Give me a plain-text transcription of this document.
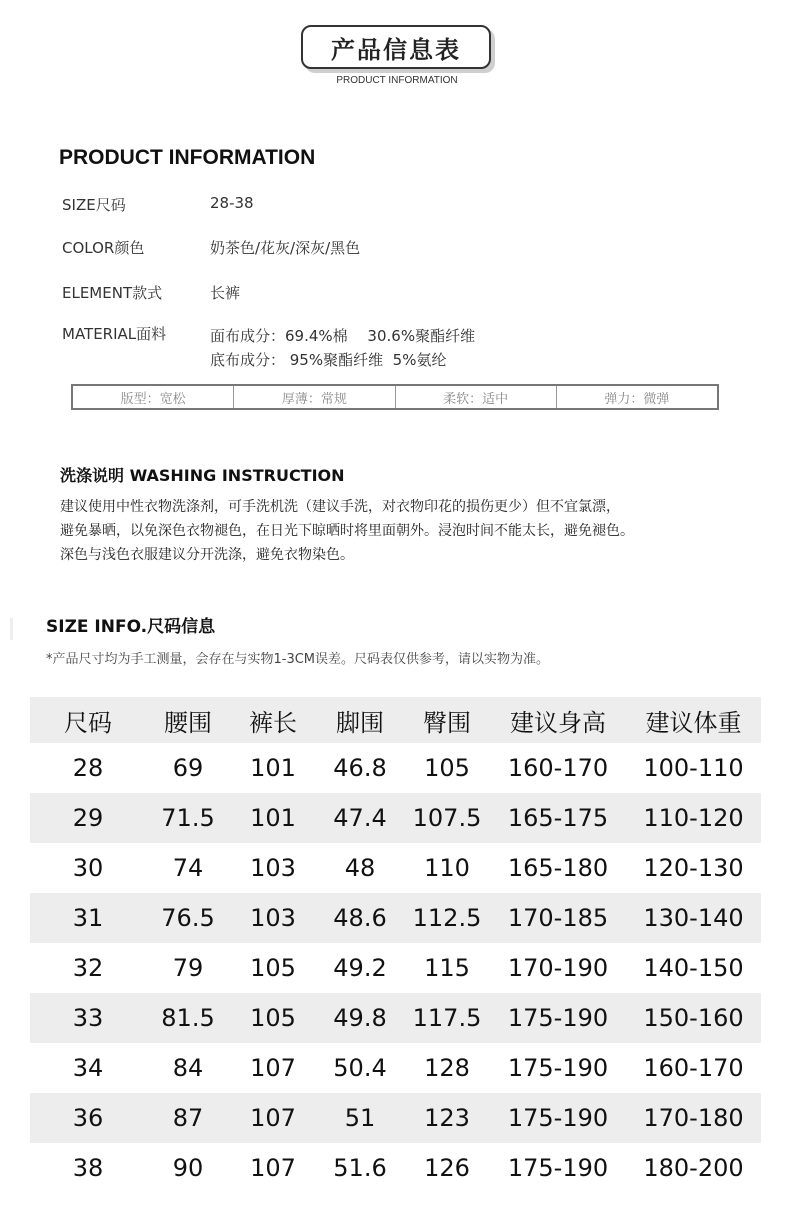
产品信息表
PRODUCT INFORMATION
PRODUCT INFORMATION
SIZE尺码	28-38
COLOR颜色	奶茶色/花灰/深灰/黑色
ELEMENT款式	长裤
MATERIAL面料	面布成分：69.4%棉　 30.6%聚酯纤维
底布成分： 95%聚酯纤维  5%氨纶
版型：宽松	厚薄：常规	柔软：适中	弹力：微弹
洗涤说明 WASHING INSTRUCTION
建议使用中性衣物洗涤剂，可手洗机洗（建议手洗，对衣物印花的损伤更少）但不宜氯漂，
避免暴晒，以免深色衣物褪色，在日光下晾晒时将里面朝外。浸泡时间不能太长，避免褪色。
深色与浅色衣服建议分开洗涤，避免衣物染色。
SIZE INFO.尺码信息
*产品尺寸均为手工测量，会存在与实物1-3CM误差。尺码表仅供参考，请以实物为准。
尺码	腰围	裤长	脚围	臀围	建议身高	建议体重
28	69	101	46.8	105	160-170	100-110
29	71.5	101	47.4	107.5	165-175	110-120
30	74	103	48	110	165-180	120-130
31	76.5	103	48.6	112.5	170-185	130-140
32	79	105	49.2	115	170-190	140-150
33	81.5	105	49.8	117.5	175-190	150-160
34	84	107	50.4	128	175-190	160-170
36	87	107	51	123	175-190	170-180
38	90	107	51.6	126	175-190	180-200
